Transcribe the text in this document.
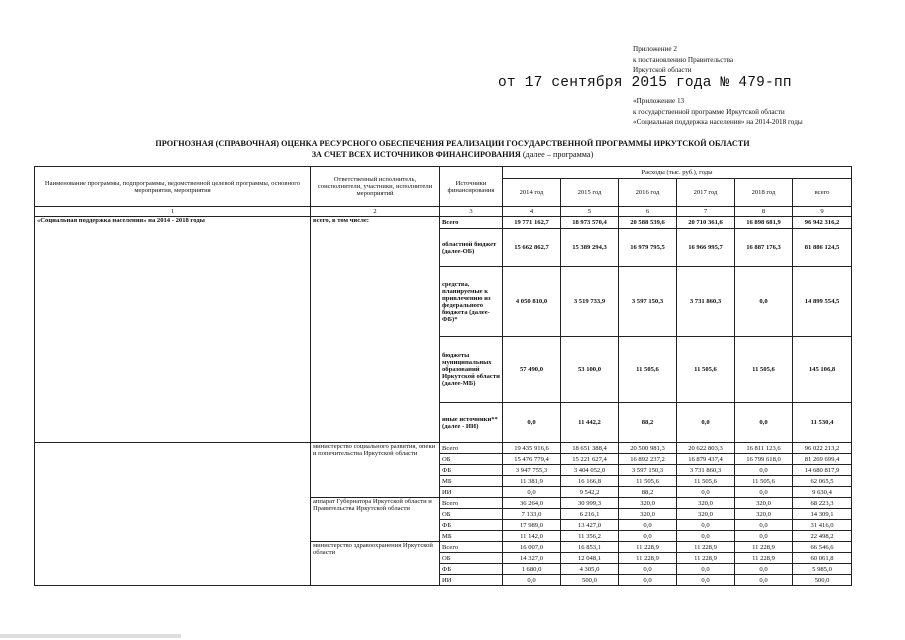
Приложение 2
к постановлению Правительства
Иркутской области
от 17 сентября 2015 года № 479-пп
«Приложение 13
к государственной программе Иркутской области
«Социальная поддержка населения» на 2014-2018 годы
ПРОГНОЗНАЯ (СПРАВОЧНАЯ) ОЦЕНКА РЕСУРСНОГО ОБЕСПЕЧЕНИЯ РЕАЛИЗАЦИИ ГОСУДАРСТВЕННОЙ ПРОГРАММЫ ИРКУТСКОЙ ОБЛАСТИ
ЗА СЧЕТ ВСЕХ ИСТОЧНИКОВ ФИНАНСИРОВАНИЯ (далее – программа)
Наименование программы, подпрограммы, ведомственной целевой программы, основного мероприятия, мероприятия	Ответственный исполнитель, соисполнители, участники, исполнители мероприятий	Источники финансирования	Расходы (тыс. руб.), годы					
			2014 год	2015 год	2016 год	2017 год	2018 год	всего
1	2	3	4	5	6	7	8	9
«Социальная поддержка населения» на 2014 - 2018 годы	всего, в том числе:	Всего	19 771 162,7	18 973 570,4	20 588 539,6	20 710 361,6	16 898 681,9	96 942 316,2
		областной бюджет (далее-ОБ)	15 662 862,7	15 389 294,3	16 979 795,5	16 966 995,7	16 887 176,3	81 886 124,5
		средства, планируемые к привлечению из федерального бюджета (далее-ФБ)*	4 050 810,0	3 519 733,9	3 597 150,3	3 731 860,3	0,0	14 899 554,5
		бюджеты муниципальных образований Иркутской области (далее-МБ)	57 490,0	53 100,0	11 505,6	11 505,6	11 505,6	145 106,8
		иные источники** (далее - ИИ)	0,0	11 442,2	88,2	0,0	0,0	11 530,4
	министерство социального развития, опеки и попечительства Иркутской области	Всего	19 435 916,6	18 651 388,4	20 500 981,3	20 622 803,3	16 811 123,6	96 022 213,2
		ОБ	15 476 779,4	15 221 627,4	16 892 237,2	16 879 437,4	16 799 618,0	81 269 699,4
		ФБ	3 947 755,3	3 404 052,0	3 597 150,3	3 731 860,3	0,0	14 680 817,9
		МБ	11 381,9	16 166,8	11 505,6	11 505,6	11 505,6	62 065,5
		ИИ	0,0	9 542,2	88,2	0,0	0,0	9 630,4
	аппарат Губернатора Иркутской области и Правительства Иркутской области	Всего	36 264,0	30 999,3	320,0	320,0	320,0	68 223,3
		ОБ	7 133,0	6 216,1	320,0	320,0	320,0	14 309,1
		ФБ	17 989,0	13 427,0	0,0	0,0	0,0	31 416,0
		МБ	11 142,0	11 356,2	0,0	0,0	0,0	22 498,2
	министерство здравоохранения Иркутской области	Всего	16 007,0	16 853,1	11 228,9	11 228,9	11 228,9	66 546,6
		ОБ	14 327,0	12 048,1	11 228,9	11 228,9	11 228,9	60 061,8
		ФБ	1 680,0	4 305,0	0,0	0,0	0,0	5 985,0
		ИИ	0,0	500,0	0,0	0,0	0,0	500,0
